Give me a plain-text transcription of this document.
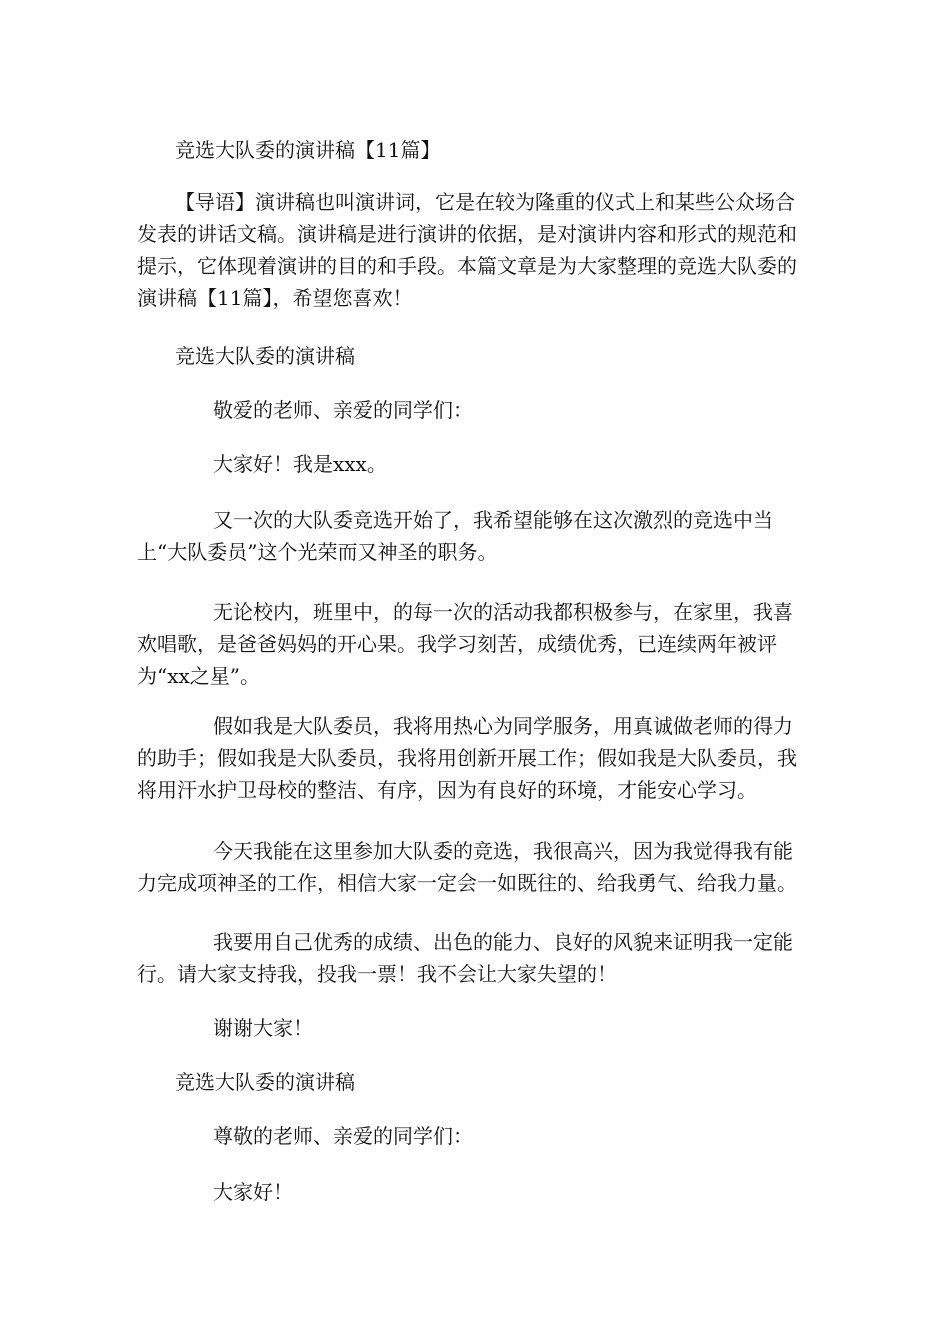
竞选大队委的演讲稿【11篇】

【导语】演讲稿也叫演讲词，它是在较为隆重的仪式上和某些公众场合发表的讲话文稿。演讲稿是进行演讲的依据，是对演讲内容和形式的规范和提示，它体现着演讲的目的和手段。本篇文章是为大家整理的竞选大队委的演讲稿【11篇】，希望您喜欢！

竞选大队委的演讲稿

敬爱的老师、亲爱的同学们：

大家好！我是xxx。

又一次的大队委竞选开始了，我希望能够在这次激烈的竞选中当上“大队委员”这个光荣而又神圣的职务。

无论校内，班里中，的每一次的活动我都积极参与，在家里，我喜欢唱歌，是爸爸妈妈的开心果。我学习刻苦，成绩优秀，已连续两年被评为“xx之星”。

假如我是大队委员，我将用热心为同学服务，用真诚做老师的得力的助手；假如我是大队委员，我将用创新开展工作；假如我是大队委员，我将用汗水护卫母校的整洁、有序，因为有良好的环境，才能安心学习。

今天我能在这里参加大队委的竞选，我很高兴，因为我觉得我有能力完成项神圣的工作，相信大家一定会一如既往的、给我勇气、给我力量。

我要用自己优秀的成绩、出色的能力、良好的风貌来证明我一定能行。请大家支持我，投我一票！我不会让大家失望的！

谢谢大家！

竞选大队委的演讲稿

尊敬的老师、亲爱的同学们：

大家好！
